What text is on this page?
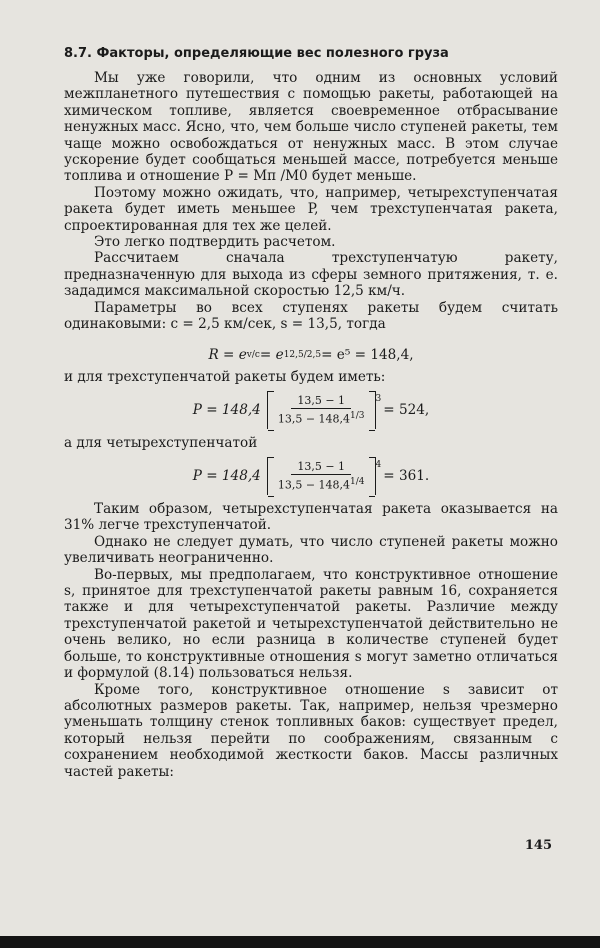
8.7. Факторы, определяющие вес полезного груза

Мы уже говорили, что одним из основных условий межпланетного путешествия с помощью ракеты, работающей на химическом топливе, является своевременное отбрасывание ненужных масс. Ясно, что, чем больше число ступеней ракеты, тем чаще можно освобождаться от ненужных масс. В этом случае ускорение будет сообщаться меньшей массе, потребуется меньше топлива и отношение P = Mп /M0 будет меньше.

Поэтому можно ожидать, что, например, четырехступенчатая ракета будет иметь меньшее P, чем трехступенчатая ракета, спроектированная для тех же целей.

Это легко подтвердить расчетом.

Рассчитаем сначала трехступенчатую ракету, предназначенную для выхода из сферы земного притяжения, т. е. зададимся максимальной скоростью 12,5 км/ч.

Параметры во всех ступенях ракеты будем считать одинаковыми: c = 2,5 км/сек, s = 13,5, тогда

R = e v/c = e 12,5/2,5 = e⁵ = 148,4,

и для трехступенчатой ракеты будем иметь:

$P = 148,4 \frac{13,5 - 1}{13,5 - 148,4^{1/3}} ^3$
= 524,

а для четырехступенчатой

$P = 148,4 \frac{13,5 - 1}{13,5 - 148,4^{1/4}} ^4$
= 361.

Таким образом, четырехступенчатая ракета оказывается на 31% легче трехступенчатой.

Однако не следует думать, что число ступеней ракеты можно увеличивать неограниченно.

Во-первых, мы предполагаем, что конструктивное отношение s, принятое для трехступенчатой ракеты равным 16, сохраняется также и для четырехступенчатой ракеты. Различие между трехступенчатой ракетой и четырехступенчатой действительно не очень велико, но если разница в количестве ступеней будет больше, то конструктивные отношения s могут заметно отличаться и формулой (8.14) пользоваться нельзя.

Кроме того, конструктивное отношение s зависит от абсолютных размеров ракеты. Так, например, нельзя чрезмерно уменьшать толщину стенок топливных баков: существует предел, который нельзя перейти по соображениям, связанным с сохранением необходимой жесткости баков. Массы различных частей ракеты:

145
